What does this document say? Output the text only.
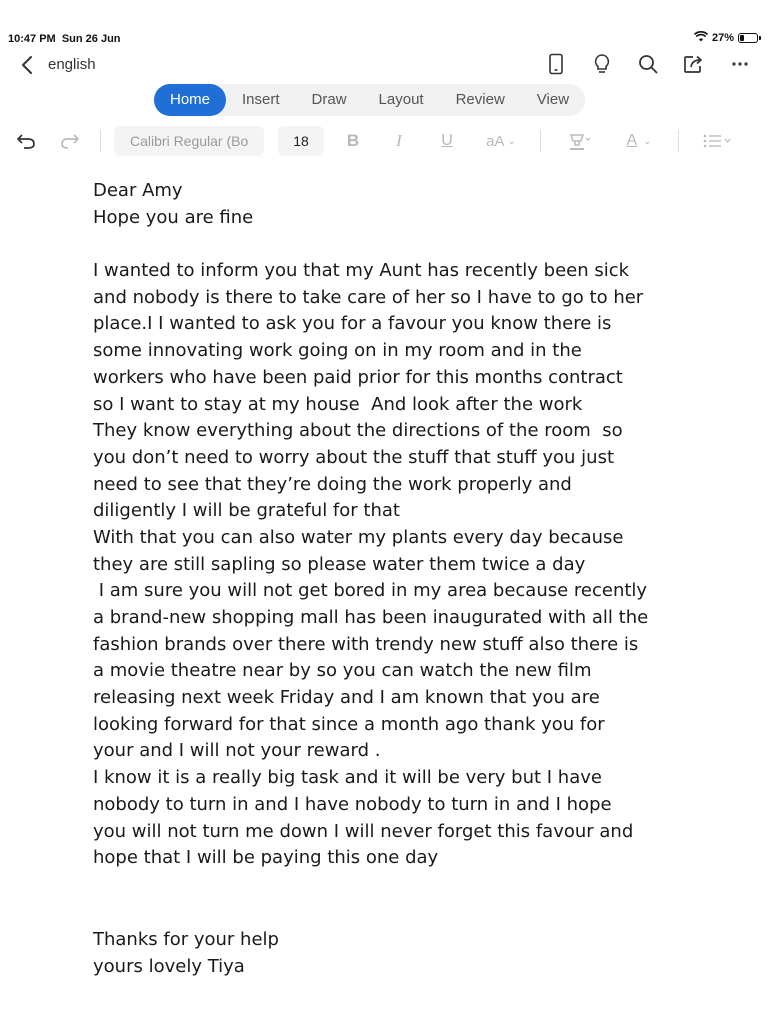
10:47 PM Sun 26 Jun	27%
english
Home	Insert	Draw	Layout	Review	View
Calibri Regular (Bo	18	B	I	U	aA ⌄	A ⌄
Dear Amy
Hope you are fine
I wanted to inform you that my Aunt has recently been sick
and nobody is there to take care of her so I have to go to her
place.I I wanted to ask you for a favour you know there is
some innovating work going on in my room and in the
workers who have been paid prior for this months contract
so I want to stay at my house  And look after the work
They know everything about the directions of the room  so
you don’t need to worry about the stuff that stuff you just
need to see that they’re doing the work properly and
diligently I will be grateful for that
With that you can also water my plants every day because
they are still sapling so please water them twice a day
I am sure you will not get bored in my area because recently
a brand-new shopping mall has been inaugurated with all the
fashion brands over there with trendy new stuff also there is
a movie theatre near by so you can watch the new film
releasing next week Friday and I am known that you are
looking forward for that since a month ago thank you for
your and I will not your reward .
I know it is a really big task and it will be very but I have
nobody to turn in and I have nobody to turn in and I hope
you will not turn me down I will never forget this favour and
hope that I will be paying this one day
Thanks for your help
yours lovely Tiya
